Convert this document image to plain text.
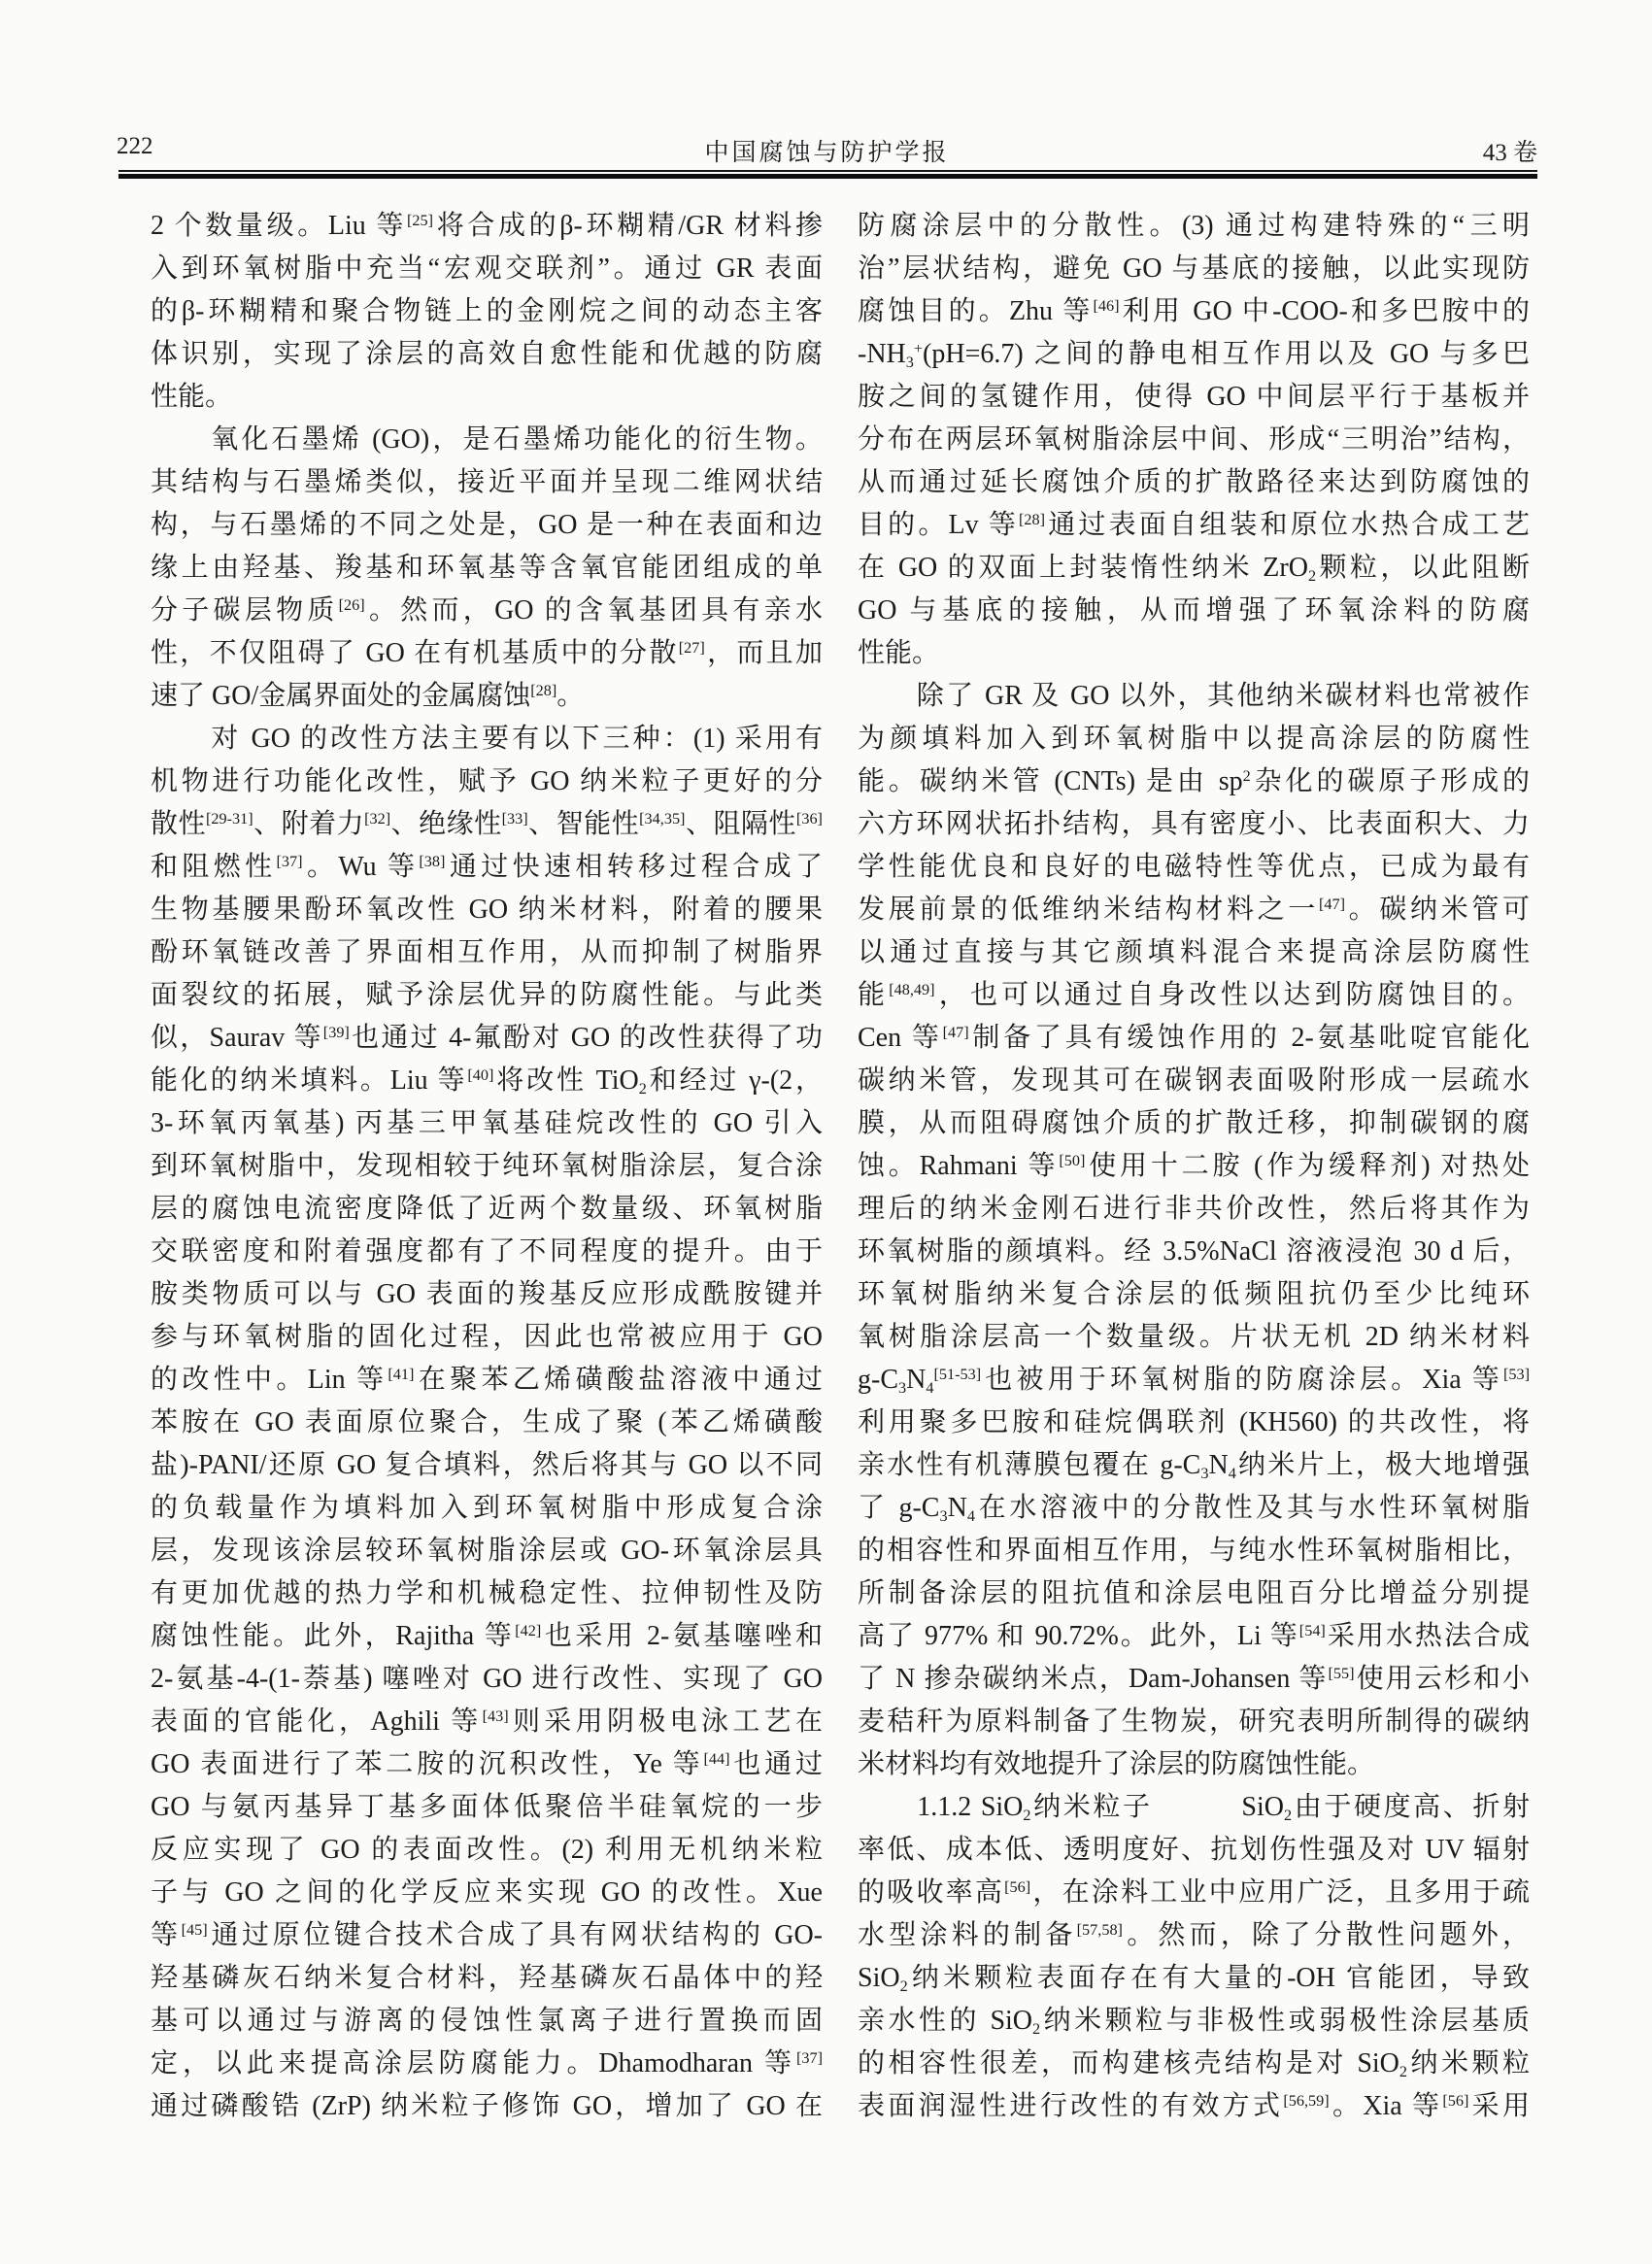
222	中国腐蚀与防护学报	43 卷
2 个数量级。Liu 等[25]将合成的β-环糊精/GR 材料掺
入到环氧树脂中充当“宏观交联剂”。通过 GR 表面
的β-环糊精和聚合物链上的金刚烷之间的动态主客
体识别，实现了涂层的高效自愈性能和优越的防腐
性能。
　　氧化石墨烯 (GO)，是石墨烯功能化的衍生物。
其结构与石墨烯类似，接近平面并呈现二维网状结
构，与石墨烯的不同之处是，GO 是一种在表面和边
缘上由羟基、羧基和环氧基等含氧官能团组成的单
分子碳层物质[26]。然而，GO 的含氧基团具有亲水
性，不仅阻碍了 GO 在有机基质中的分散[27]，而且加
速了 GO/金属界面处的金属腐蚀[28]。
　　对 GO 的改性方法主要有以下三种：(1) 采用有
机物进行功能化改性，赋予 GO 纳米粒子更好的分
散性[29-31]、附着力[32]、绝缘性[33]、智能性[34,35]、阻隔性[36]
和阻燃性[37]。Wu 等[38]通过快速相转移过程合成了
生物基腰果酚环氧改性 GO 纳米材料，附着的腰果
酚环氧链改善了界面相互作用，从而抑制了树脂界
面裂纹的拓展，赋予涂层优异的防腐性能。与此类
似，Saurav 等[39]也通过 4-氟酚对 GO 的改性获得了功
能化的纳米填料。Liu 等[40]将改性 TiO$_2$和经过 γ-(2，
3-环氧丙氧基) 丙基三甲氧基硅烷改性的 GO 引入
到环氧树脂中，发现相较于纯环氧树脂涂层，复合涂
层的腐蚀电流密度降低了近两个数量级、环氧树脂
交联密度和附着强度都有了不同程度的提升。由于
胺类物质可以与 GO 表面的羧基反应形成酰胺键并
参与环氧树脂的固化过程，因此也常被应用于 GO
的改性中。Lin 等[41]在聚苯乙烯磺酸盐溶液中通过
苯胺在 GO 表面原位聚合，生成了聚 (苯乙烯磺酸
盐)-PANI/还原 GO 复合填料，然后将其与 GO 以不同
的负载量作为填料加入到环氧树脂中形成复合涂
层，发现该涂层较环氧树脂涂层或 GO-环氧涂层具
有更加优越的热力学和机械稳定性、拉伸韧性及防
腐蚀性能。此外，Rajitha 等[42]也采用 2-氨基噻唑和
2-氨基-4-(1-萘基) 噻唑对 GO 进行改性、实现了 GO
表面的官能化，Aghili 等[43]则采用阴极电泳工艺在
GO 表面进行了苯二胺的沉积改性，Ye 等[44]也通过
GO 与氨丙基异丁基多面体低聚倍半硅氧烷的一步
反应实现了 GO 的表面改性。(2) 利用无机纳米粒
子与 GO 之间的化学反应来实现 GO 的改性。Xue
等[45]通过原位键合技术合成了具有网状结构的 GO-
羟基磷灰石纳米复合材料，羟基磷灰石晶体中的羟
基可以通过与游离的侵蚀性氯离子进行置换而固
定，以此来提高涂层防腐能力。Dhamodharan 等[37]
通过磷酸锆 (ZrP) 纳米粒子修饰 GO，增加了 GO 在
防腐涂层中的分散性。(3) 通过构建特殊的“三明
治”层状结构，避免 GO 与基底的接触，以此实现防
腐蚀目的。Zhu 等[46]利用 GO 中-COO-和多巴胺中的
$-NH_3^+(pH=6.7)$ 之间的静电相互作用以及 GO 与多巴
胺之间的氢键作用，使得 GO 中间层平行于基板并
分布在两层环氧树脂涂层中间、形成“三明治”结构，
从而通过延长腐蚀介质的扩散路径来达到防腐蚀的
目的。Lv 等[28]通过表面自组装和原位水热合成工艺
在 GO 的双面上封装惰性纳米 ZrO$_2$颗粒，以此阻断
GO 与基底的接触，从而增强了环氧涂料的防腐
性能。
　　除了 GR 及 GO 以外，其他纳米碳材料也常被作
为颜填料加入到环氧树脂中以提高涂层的防腐性
能。碳纳米管 (CNTs) 是由 $sp^2$杂化的碳原子形成的
六方环网状拓扑结构，具有密度小、比表面积大、力
学性能优良和良好的电磁特性等优点，已成为最有
发展前景的低维纳米结构材料之一[47]。碳纳米管可
以通过直接与其它颜填料混合来提高涂层防腐性
能[48,49]，也可以通过自身改性以达到防腐蚀目的。
Cen 等[47]制备了具有缓蚀作用的 2-氨基吡啶官能化
碳纳米管，发现其可在碳钢表面吸附形成一层疏水
膜，从而阻碍腐蚀介质的扩散迁移，抑制碳钢的腐
蚀。Rahmani 等[50]使用十二胺 (作为缓释剂) 对热处
理后的纳米金刚石进行非共价改性，然后将其作为
环氧树脂的颜填料。经 3.5%NaCl 溶液浸泡 30 d 后，
环氧树脂纳米复合涂层的低频阻抗仍至少比纯环
氧树脂涂层高一个数量级。片状无机 2D 纳米材料
$g-C_3N_4[51-53]$也被用于环氧树脂的防腐涂层。Xia 等[53]
利用聚多巴胺和硅烷偶联剂 (KH560) 的共改性，将
亲水性有机薄膜包覆在 $g-C_3N_4$纳米片上，极大地增强
了 $g-C_3N_4$在水溶液中的分散性及其与水性环氧树脂
的相容性和界面相互作用，与纯水性环氧树脂相比，
所制备涂层的阻抗值和涂层电阻百分比增益分别提
高了 977% 和 90.72%。此外，Li 等[54]采用水热法合成
了 N 掺杂碳纳米点，Dam-Johansen 等[55]使用云杉和小
麦秸秆为原料制备了生物炭，研究表明所制得的碳纳
米材料均有效地提升了涂层的防腐蚀性能。
　　1.1.2 SiO$_2$纳米粒子　　　SiO$_2$由于硬度高、折射
率低、成本低、透明度好、抗划伤性强及对 UV 辐射
的吸收率高[56]，在涂料工业中应用广泛，且多用于疏
水型涂料的制备[57,58]。然而，除了分散性问题外，
SiO$_2$纳米颗粒表面存在有大量的-OH 官能团，导致
亲水性的 SiO$_2$纳米颗粒与非极性或弱极性涂层基质
的相容性很差，而构建核壳结构是对 SiO$_2$纳米颗粒
表面润湿性进行改性的有效方式[56,59]。Xia 等[56]采用
